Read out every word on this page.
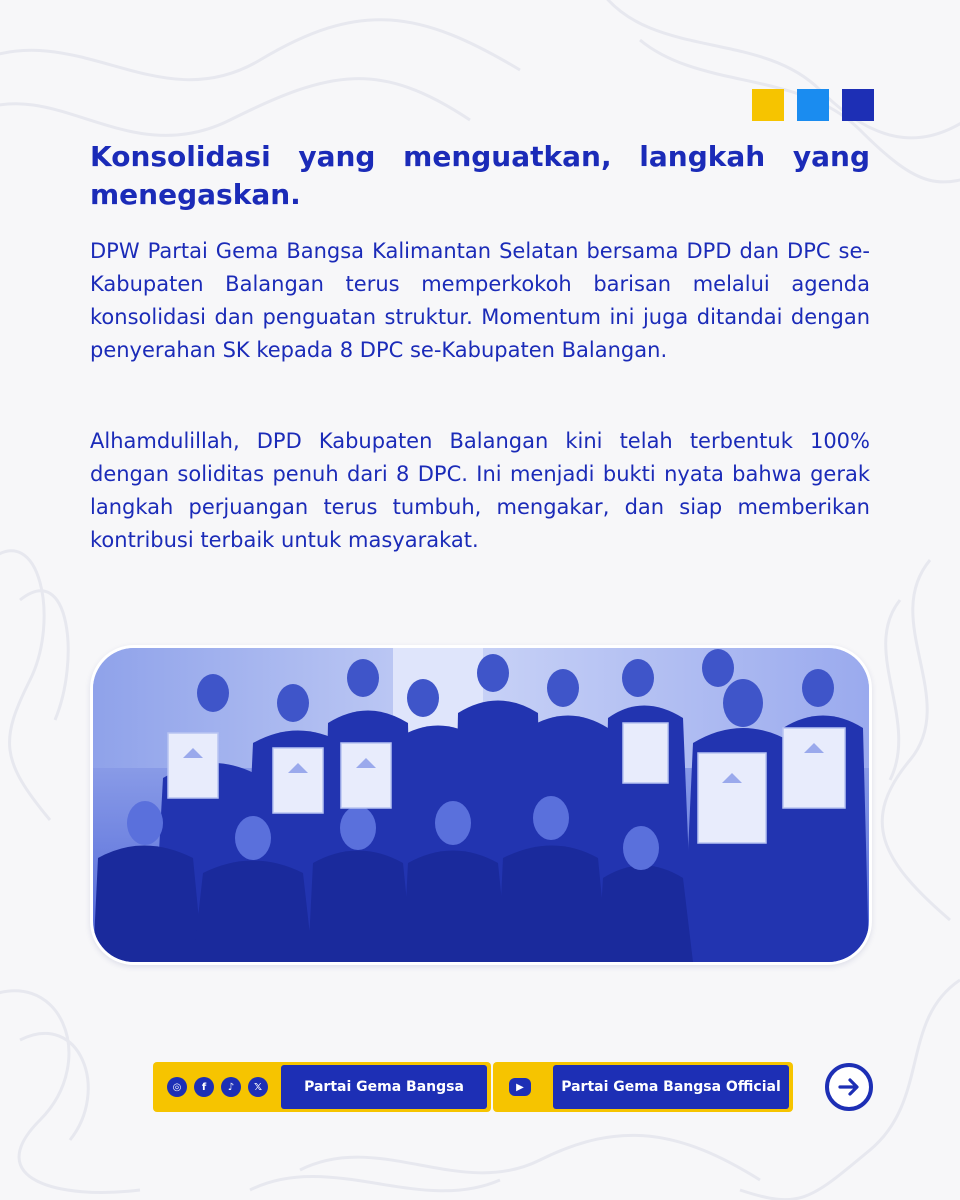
Konsolidasi yang menguatkan, langkah yang menegaskan.

DPW Partai Gema Bangsa Kalimantan Selatan bersama DPD dan DPC se-Kabupaten Balangan terus memperkokoh barisan melalui agenda konsolidasi dan penguatan struktur. Momentum ini juga ditandai dengan penyerahan SK kepada 8 DPC se-Kabupaten Balangan.

Alhamdulillah, DPD Kabupaten Balangan kini telah terbentuk 100% dengan soliditas penuh dari 8 DPC. Ini menjadi bukti nyata bahwa gerak langkah perjuangan terus tumbuh, mengakar, dan siap memberikan kontribusi terbaik untuk masyarakat.

◎	f	♪	𝕏	Partai Gema Bangsa	▶	Partai Gema Bangsa Official
